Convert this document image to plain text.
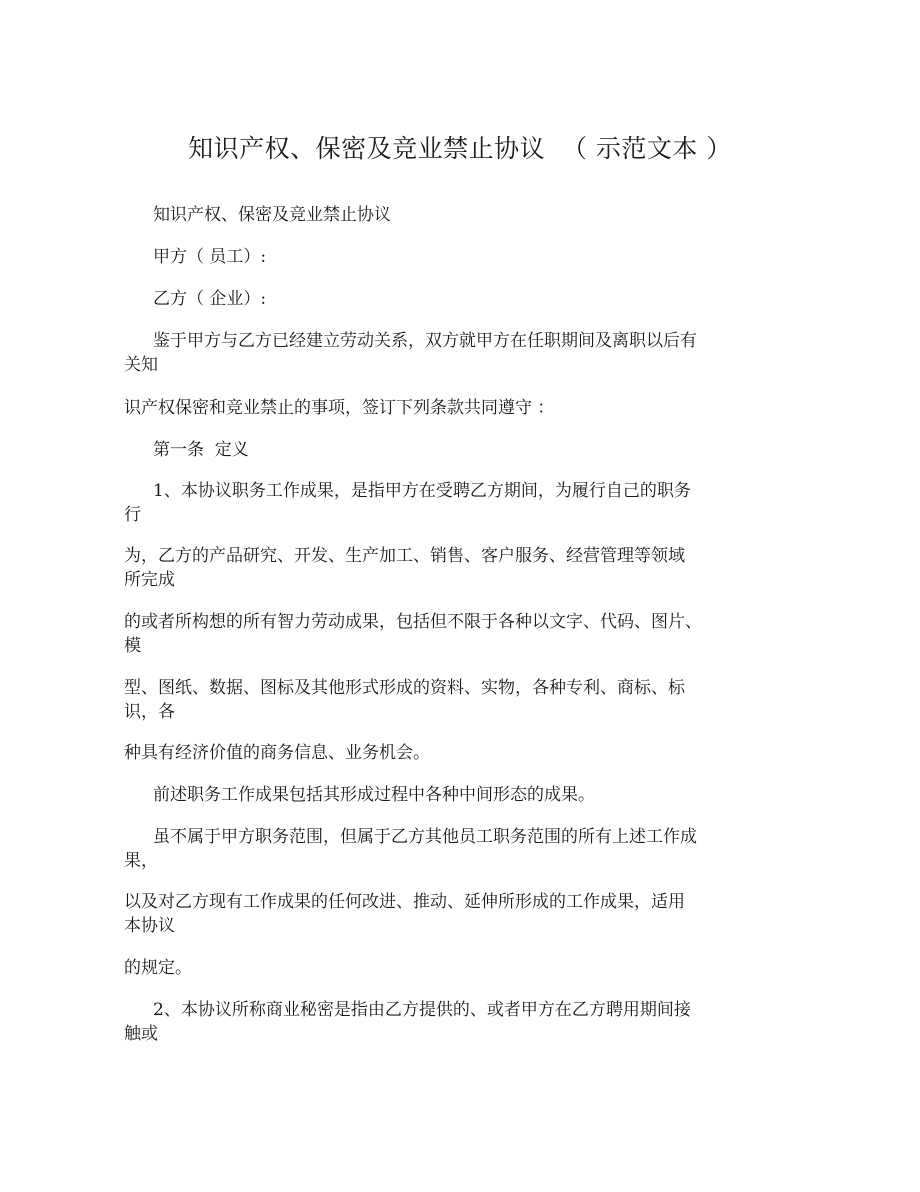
知识产权、保密及竞业禁止协议  （ 示范文本 ）
知识产权、保密及竞业禁止协议
甲方（ 员工）:
乙方（ 企业）:
鉴于甲方与乙方已经建立劳动关系，双方就甲方在任职期间及离职以后有
关知
识产权保密和竞业禁止的事项，签订下列条款共同遵守 ：
第一条  定义
1、本协议职务工作成果，是指甲方在受聘乙方期间，为履行自己的职务
行
为，乙方的产品研究、开发、生产加工、销售、客户服务、经营管理等领域
所完成
的或者所构想的所有智力劳动成果，包括但不限于各种以文字、代码、图片、
模
型、图纸、数据、图标及其他形式形成的资料、实物，各种专利、商标、标
识，各
种具有经济价值的商务信息、业务机会。
前述职务工作成果包括其形成过程中各种中间形态的成果。
虽不属于甲方职务范围，但属于乙方其他员工职务范围的所有上述工作成
果，
以及对乙方现有工作成果的任何改进、推动、延伸所形成的工作成果，适用
本协议
的规定。
2、本协议所称商业秘密是指由乙方提供的、或者甲方在乙方聘用期间接
触或
